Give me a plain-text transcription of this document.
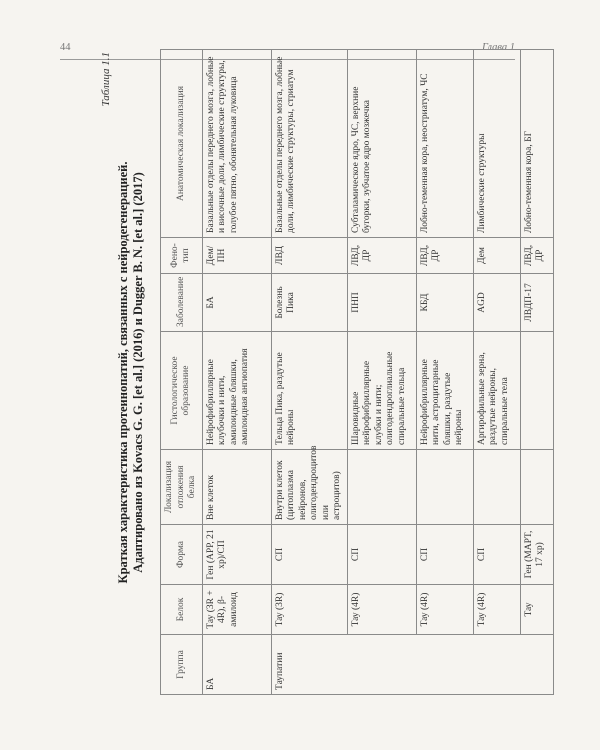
44	Глава 1
Таблица 1.1
Краткая характеристика протеинопатий, связанных с нейродегенерацией. Адаптировано из Kovacs G. G. [et al.] (2016) и Dugger B. N. [et al.] (2017)
Группа	Белок	Форма	Локализация отложения белка	Гистологическое образование	Заболевание	Фено-тип	Анатомическая локализация
БА	Тау (3R + 4R), β-амилоид	Ген (APP, 21 хр)/СП	Вне клеток	Нейрофибриллярные клубочки и нити, амилоидные бляшки, амилоидная ангиопатия	БА	Дем/ПН	Базальные отделы переднего мозга, лобные и височные доли, лимбические структуры, голубое пятно, обонятельная луковица
Таупатии	Тау (3R)	СП	Внутри клеток (цитоплазма нейронов, олигодендроцитов или астроцитов)	Тельца Пика, раздутые нейроны	Болезнь Пика	ЛВД	Базальные отделы переднего мозга, лобные доли, лимбические структуры, стриатум
	Тау (4R)	СП		Шаровидные нейрофибриллярные клубки и нити; олигодендроглиальные спиральные тельца	ПНП	ЛВД, ДР	Субталамическое ядро, ЧС, верхние бугорки, зубчатое ядро мозжечка
	Тау (4R)	СП		Нейрофибриллярные нити, астроцитарные бляшки, раздутые нейроны	КБД	ЛВД, ДР	Лобно-теменная кора, неостриатум, ЧС
	Тау (4R)	СП		Аргирофильные зерна, раздутые нейроны, спиральные тела	AGD	Дем	Лимбические структуры
	Тау	Ген (MAPT, 17 хр)			ЛВДП-17	ЛВД, ДР	Лобно-теменная кора, БГ
